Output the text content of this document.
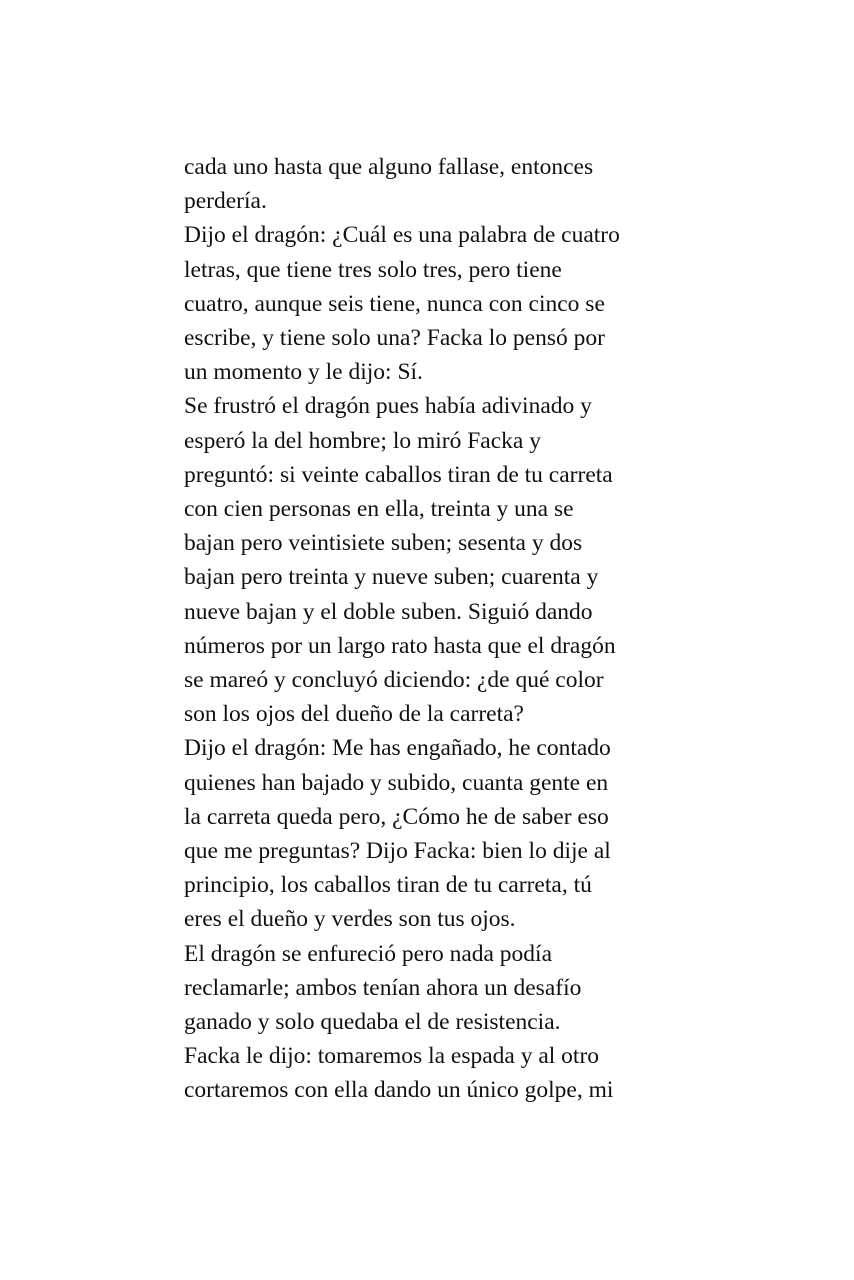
cada uno hasta que alguno fallase, entonces
perdería.
Dijo el dragón: ¿Cuál es una palabra de cuatro
letras, que tiene tres solo tres, pero tiene
cuatro, aunque seis tiene, nunca con cinco se
escribe, y tiene solo una? Facka lo pensó por
un momento y le dijo: Sí.
Se frustró el dragón pues había adivinado y
esperó la del hombre; lo miró Facka y
preguntó: si veinte caballos tiran de tu carreta
con cien personas en ella, treinta y una se
bajan pero veintisiete suben; sesenta y dos
bajan pero treinta y nueve suben; cuarenta y
nueve bajan y el doble suben. Siguió dando
números por un largo rato hasta que el dragón
se mareó y concluyó diciendo: ¿de qué color
son los ojos del dueño de la carreta?
Dijo el dragón: Me has engañado, he contado
quienes han bajado y subido, cuanta gente en
la carreta queda pero, ¿Cómo he de saber eso
que me preguntas? Dijo Facka: bien lo dije al
principio, los caballos tiran de tu carreta, tú
eres el dueño y verdes son tus ojos.
El dragón se enfureció pero nada podía
reclamarle; ambos tenían ahora un desafío
ganado y solo quedaba el de resistencia.
Facka le dijo: tomaremos la espada y al otro
cortaremos con ella dando un único golpe, mi
